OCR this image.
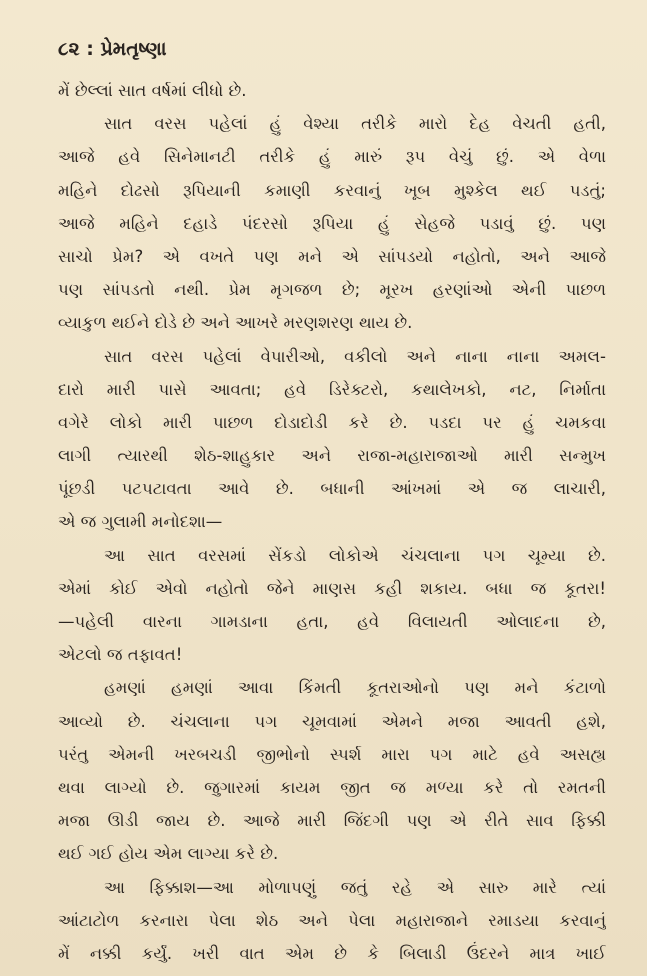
૮૨ : પ્રેમતૃષ્ણા
મેં છેલ્લાં સાત વર્ષમાં લીધો છે.
સાત વરસ પહેલાં હું વેશ્યા તરીકે મારો દેહ વેચતી હતી,
આજે હવે સિનેમાનટી તરીકે હું મારું રૂપ વેચું છું. એ વેળા
મહિને દોઢસો રૂપિયાની કમાણી કરવાનું ખૂબ મુશ્કેલ થઈ પડતું;
આજે મહિને દહાડે પંદરસો રૂપિયા હું સેહજે પડાવું છું. પણ
સાચો પ્રેમ? એ વખતે પણ મને એ સાંપડયો નહોતો, અને આજે
પણ સાંપડતો નથી. પ્રેમ મૃગજળ છે; મૂરખ હરણાંઓ એની પાછળ
વ્યાકુળ થઈને દોડે છે અને આખરે મરણશરણ થાય છે.
સાત વરસ પહેલાં વેપારીઓ, વકીલો અને નાના નાના અમલ-
દારો મારી પાસે આવતા; હવે ડિરેક્ટરો, કથાલેખકો, નટ, નિર્માતા
વગેરે લોકો મારી પાછળ દોડાદોડી કરે છે. પડદા પર હું ચમકવા
લાગી ત્યારથી શેઠ-શાહુકાર અને રાજા-મહારાજાઓ મારી સન્મુખ
પૂંછડી પટપટાવતા આવે છે. બધાની આંખમાં એ જ લાચારી,
એ જ ગુલામી મનોદશા—
આ સાત વરસમાં સેંકડો લોકોએ ચંચલાના પગ ચૂમ્યા છે.
એમાં કોઈ એવો નહોતો જેને માણસ કહી શકાય. બધા જ કૂતરા!
—પહેલી વારના ગામડાના હતા, હવે વિલાયતી ઓલાદના છે,
એટલો જ તફાવત!
હમણાં હમણાં આવા કિંમતી કૂતરાઓનો પણ મને કંટાળો
આવ્યો છે. ચંચલાના પગ ચૂમવામાં એમને મજા આવતી હશે,
પરંતુ એમની ખરબચડી જીભોનો સ્પર્શ મારા પગ માટે હવે અસહ્ય
થવા લાગ્યો છે. જુગારમાં કાયમ જીત જ મળ્યા કરે તો રમતની
મજા ઊડી જાય છે. આજે મારી જિંદગી પણ એ રીતે સાવ ફિક્કી
થઈ ગઈ હોય એમ લાગ્યા કરે છે.
આ ફિક્કાશ—આ મોળાપણું જતું રહે એ સારુ મારે ત્યાં
આંટાટોળ કરનારા પેલા શેઠ અને પેલા મહારાજાને રમાડયા કરવાનું
મેં નક્કી કર્યું. ખરી વાત એમ છે કે બિલાડી ઉંદરને માત્ર ખાઈ
